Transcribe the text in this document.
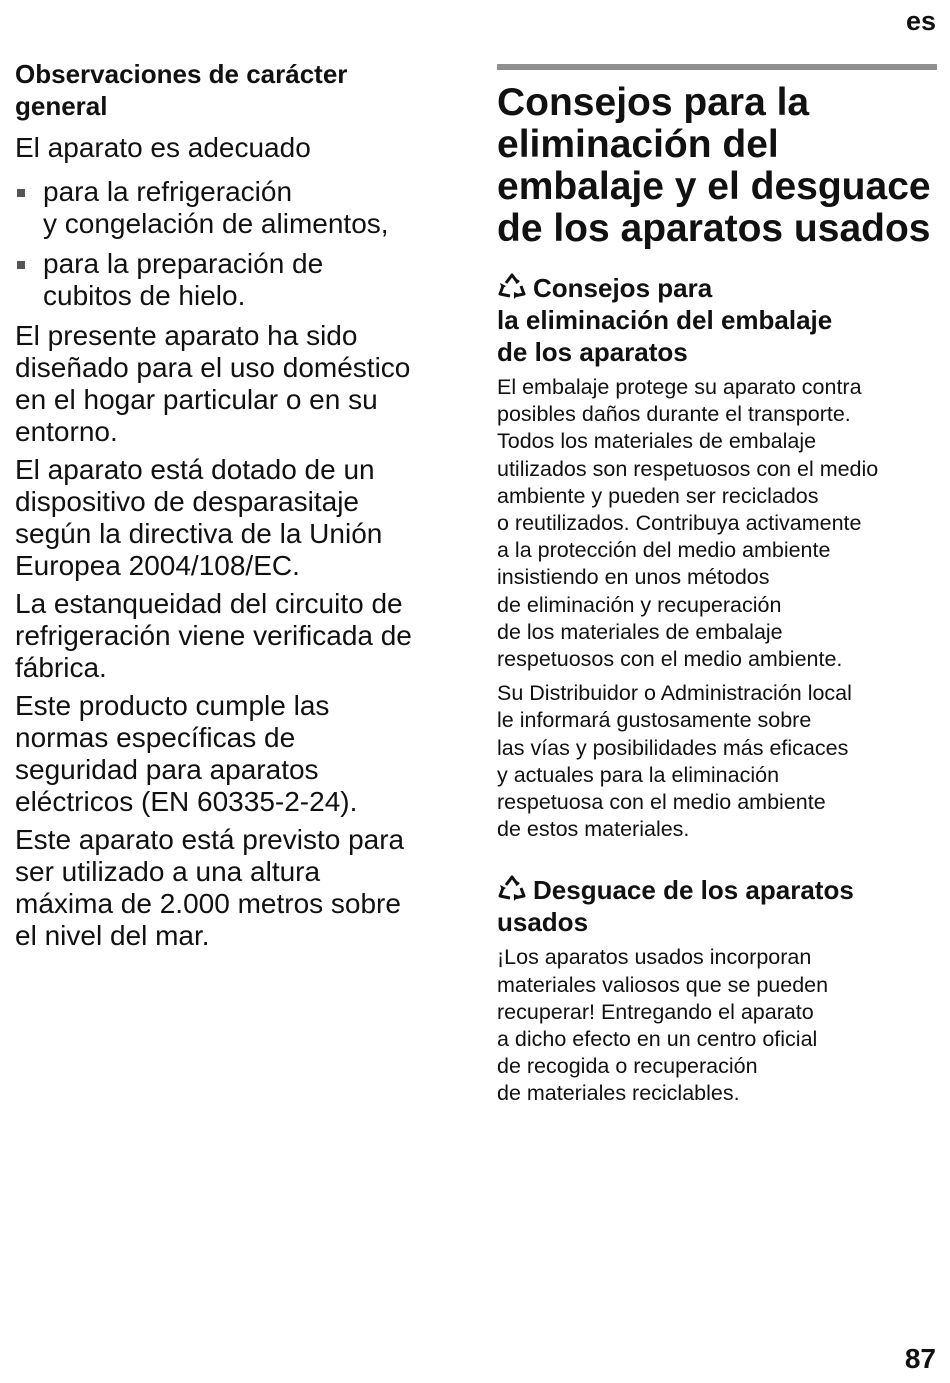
es
Observaciones de carácter
general
El aparato es adecuado
para la refrigeración
y congelación de alimentos,
para la preparación de
cubitos de hielo.
El presente aparato ha sido
diseñado para el uso doméstico
en el hogar particular o en su
entorno.
El aparato está dotado de un
dispositivo de desparasitaje
según la directiva de la Unión
Europea 2004/108/EC.
La estanqueidad del circuito de
refrigeración viene verificada de
fábrica.
Este producto cumple las
normas específicas de
seguridad para aparatos
eléctricos (EN 60335-2-24).
Este aparato está previsto para
ser utilizado a una altura
máxima de 2.000 metros sobre
el nivel del mar.
Consejos para la
eliminación del
embalaje y el desguace
de los aparatos usados
Consejos para
la eliminación del embalaje
de los aparatos
El embalaje protege su aparato contra
posibles daños durante el transporte.
Todos los materiales de embalaje
utilizados son respetuosos con el medio
ambiente y pueden ser reciclados
o reutilizados. Contribuya activamente
a la protección del medio ambiente
insistiendo en unos métodos
de eliminación y recuperación
de los materiales de embalaje
respetuosos con el medio ambiente.
Su Distribuidor o Administración local
le informará gustosamente sobre
las vías y posibilidades más eficaces
y actuales para la eliminación
respetuosa con el medio ambiente
de estos materiales.
Desguace de los aparatos
usados
¡Los aparatos usados incorporan
materiales valiosos que se pueden
recuperar! Entregando el aparato
a dicho efecto en un centro oficial
de recogida o recuperación
de materiales reciclables.
87
